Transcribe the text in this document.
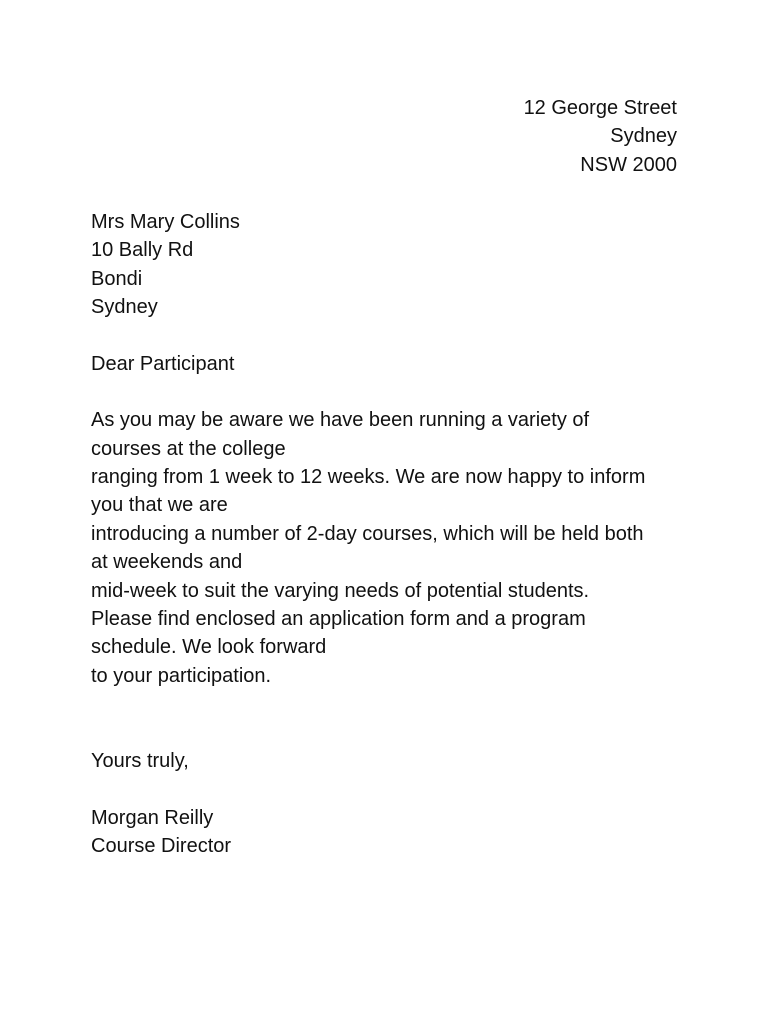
12 George Street
Sydney
NSW 2000
Mrs Mary Collins
10 Bally Rd
Bondi
Sydney
Dear Participant
As you may be aware we have been running a variety of
courses at the college
ranging from 1 week to 12 weeks. We are now happy to inform
you that we are
introducing a number of 2-day courses, which will be held both
at weekends and
mid-week to suit the varying needs of potential students.
Please find enclosed an application form and a program
schedule. We look forward
to your participation.
Yours truly,
Morgan Reilly
Course Director
